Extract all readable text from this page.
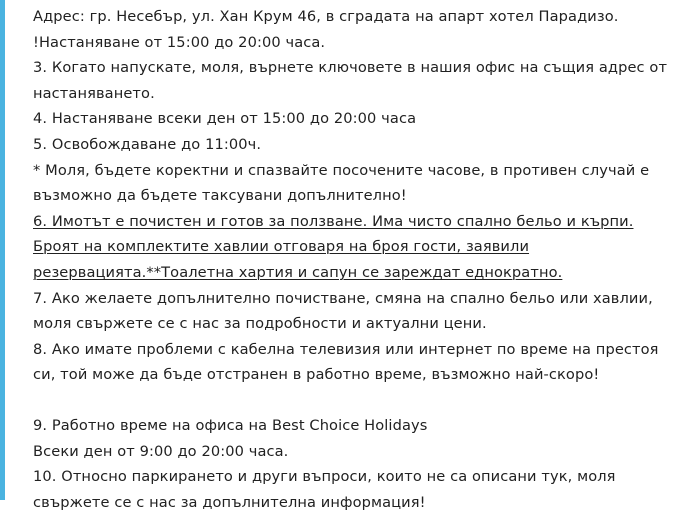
Адрес: гр. Несебър, ул. Хан Крум 46, в сградата на апарт хотел Парадизо.
!Настаняване от 15:00 до 20:00 часа.
3. Когато напускате, моля, върнете ключовете в нашия офис на същия адрес от
настаняването.
4. Настаняване всеки ден от 15:00 до 20:00 часа
5. Освобождаване до 11:00ч.
* Моля, бъдете коректни и спазвайте посочените часове, в противен случай е
възможно да бъдете таксувани допълнително!
6. Имотът е почистен и готов за ползване. Има чисто спално бельо и кърпи.
Броят на комплектите хавлии отговаря на броя гости, заявили
резервацията.**Тоалетна хартия и сапун се зареждат еднократно.
7. Ако желаете допълнително почистване, смяна на спално бельо или хавлии,
моля свържете се с нас за подробности и актуални цени.
8. Ако имате проблеми с кабелна телевизия или интернет по време на престоя
си, той може да бъде отстранен в работно време, възможно най-скоро!
9. Работно време на офиса на Best Choice Holidays
Всеки ден от 9:00 до 20:00 часа.
10. Относно паркирането и други въпроси, които не са описани тук, моля
свържете се с нас за допълнителна информация!
